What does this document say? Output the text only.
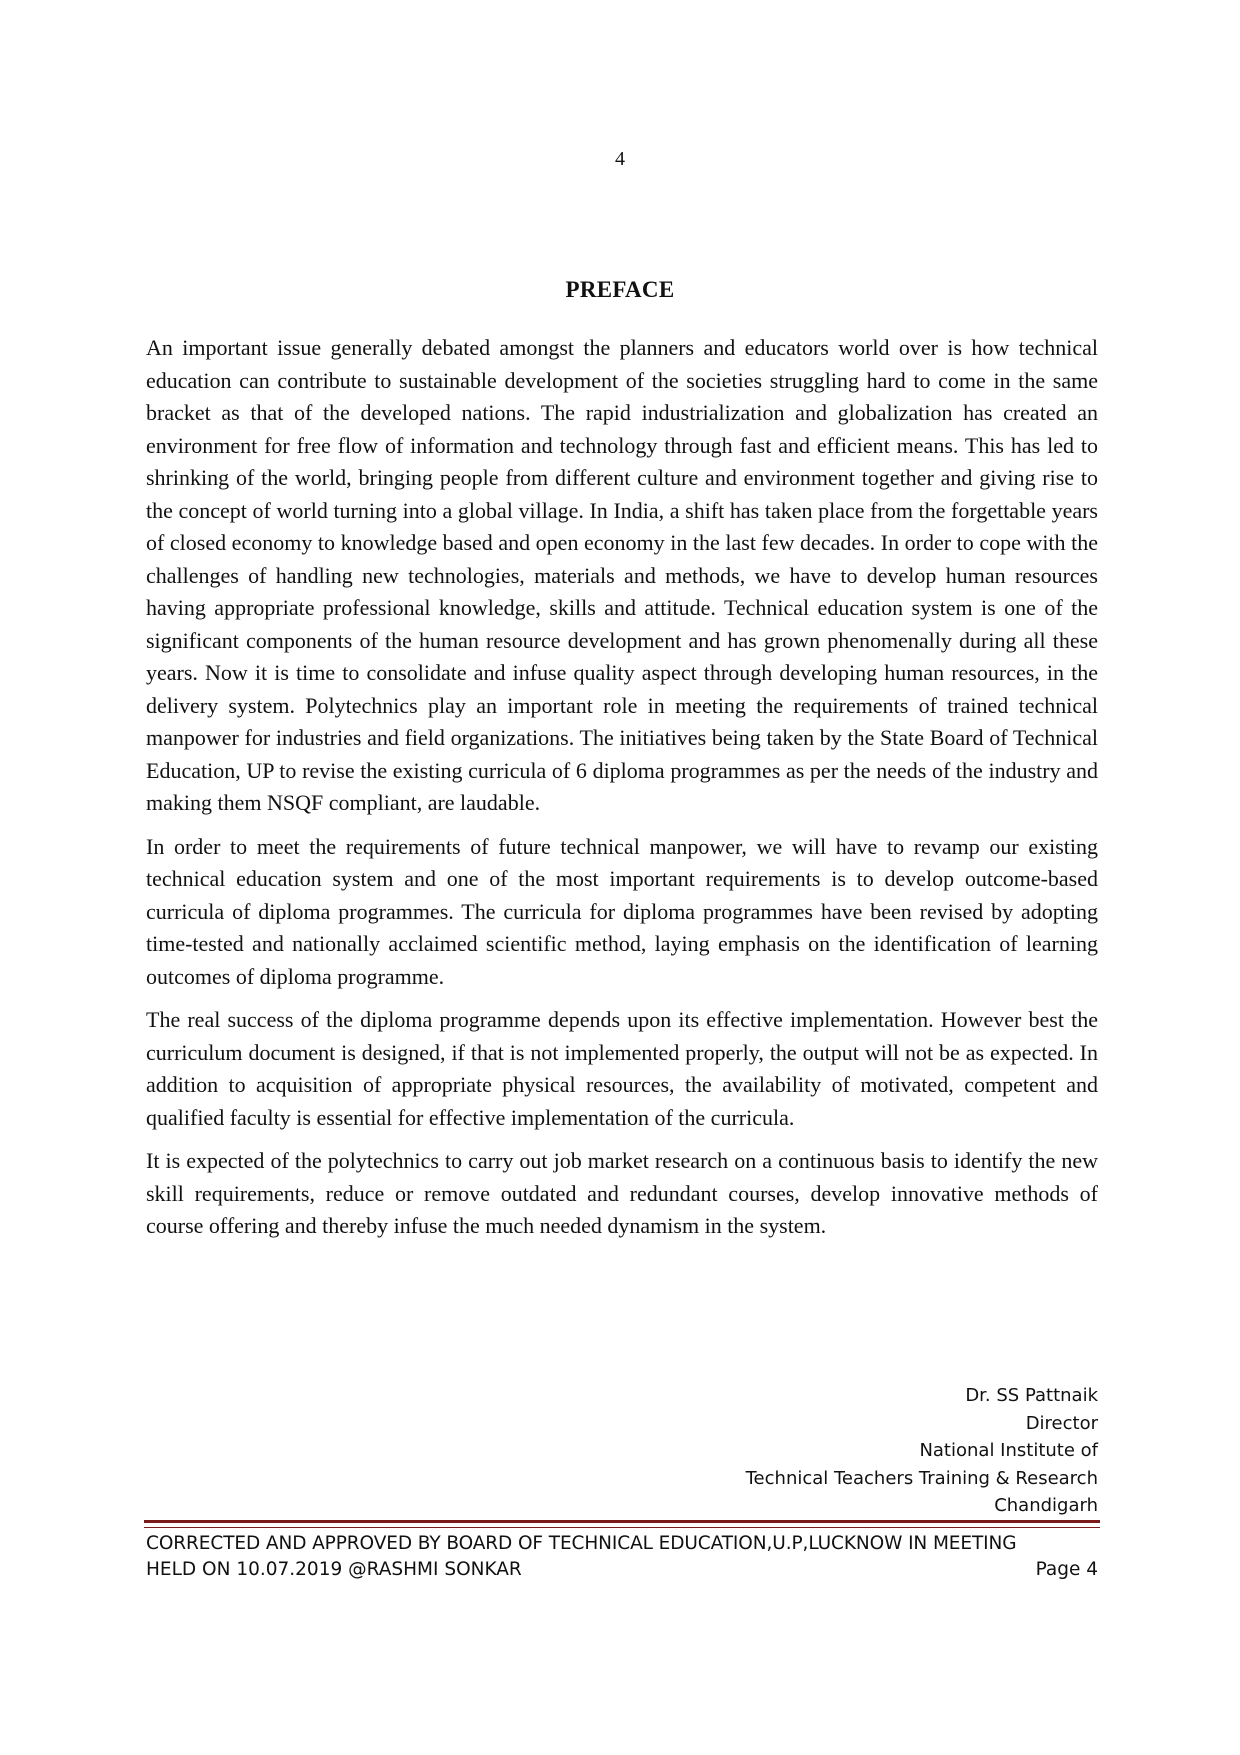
4
PREFACE

An important issue generally debated amongst the planners and educators world over is how technical education can contribute to sustainable development of the societies struggling hard to come in the same bracket as that of the developed nations. The rapid industrialization and globalization has created an environment for free flow of information and technology through fast and efficient means. This has led to shrinking of the world, bringing people from different culture and environment together and giving rise to the concept of world turning into a global village. In India, a shift has taken place from the forgettable years of closed economy to knowledge based and open economy in the last few decades. In order to cope with the challenges of handling new technologies, materials and methods, we have to develop human resources having appropriate professional knowledge, skills and attitude. Technical education system is one of the significant components of the human resource development and has grown phenomenally during all these years. Now it is time to consolidate and infuse quality aspect through developing human resources, in the delivery system. Polytechnics play an important role in meeting the requirements of trained technical manpower for industries and field organizations. The initiatives being taken by the State Board of Technical Education, UP to revise the existing curricula of 6 diploma programmes as per the needs of the industry and making them NSQF compliant, are laudable.

In order to meet the requirements of future technical manpower, we will have to revamp our existing technical education system and one of the most important requirements is to develop outcome-based curricula of diploma programmes. The curricula for diploma programmes have been revised by adopting time-tested and nationally acclaimed scientific method, laying emphasis on the identification of learning outcomes of diploma programme.

The real success of the diploma programme depends upon its effective implementation. However best the curriculum document is designed, if that is not implemented properly, the output will not be as expected. In addition to acquisition of appropriate physical resources, the availability of motivated, competent and qualified faculty is essential for effective implementation of the curricula.

It is expected of the polytechnics to carry out job market research on a continuous basis to identify the new skill requirements, reduce or remove outdated and redundant courses, develop innovative methods of course offering and thereby infuse the much needed dynamism in the system.

Dr. SS Pattnaik
Director
National Institute of
Technical Teachers Training & Research
Chandigarh
CORRECTED AND APPROVED BY BOARD OF TECHNICAL EDUCATION,U.P,LUCKNOW IN MEETING
HELD ON 10.07.2019 @RASHMI SONKAR	Page 4
